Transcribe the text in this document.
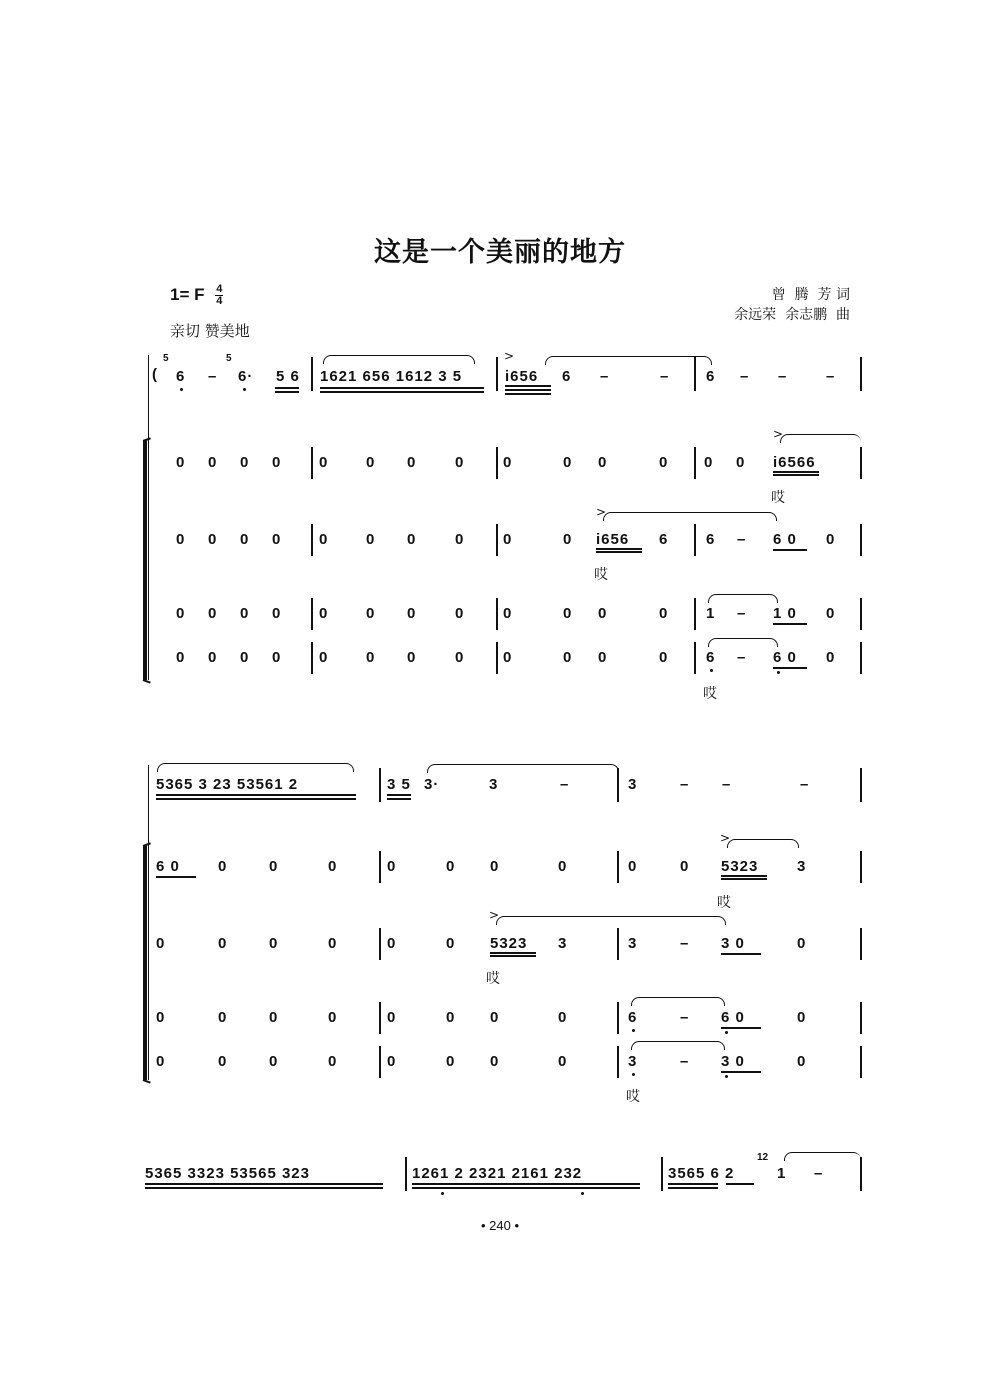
这是一个美丽的地方
1= F $\frac{4}{4}$
亲切 赞美地
曾  腾  芳 词
余远荣  余志鹏  曲
(
5
6 –
5
6· 5 6 1621 656 1612 3 5
>
i656 6 –	– 6 – –	–
0 0 0 0	0	0 0	0	0	0 0	0 0 0
>
i6566
哎
0 0 0 0	0	0 0	0	0	0
>
i656 6	6 – 6 0 0
哎
0 0 0 0	0	0 0	0	0	0 0	0	1 – 1 0 0
0 0 0 0	0	0 0	0	0	0 0	0	6 – 6 0 0
哎
5365 3 23 53561 2	3 5 3·	3	–	3	– –	–
6 0	0	0	0	0	0 0	0	0	0
>
5323	3
哎
0	0	0	0	0	0
>
5323 3	3	– 3 0	0
哎
0	0	0	0	0	0 0	0	6	– 6 0	0
0	0	0	0	0	0 0	0	3	– 3 0	0
哎
5365 3323 53565 323	1261 2 2321 2161 232	3565 6 2
12
1 –
• 240 •
